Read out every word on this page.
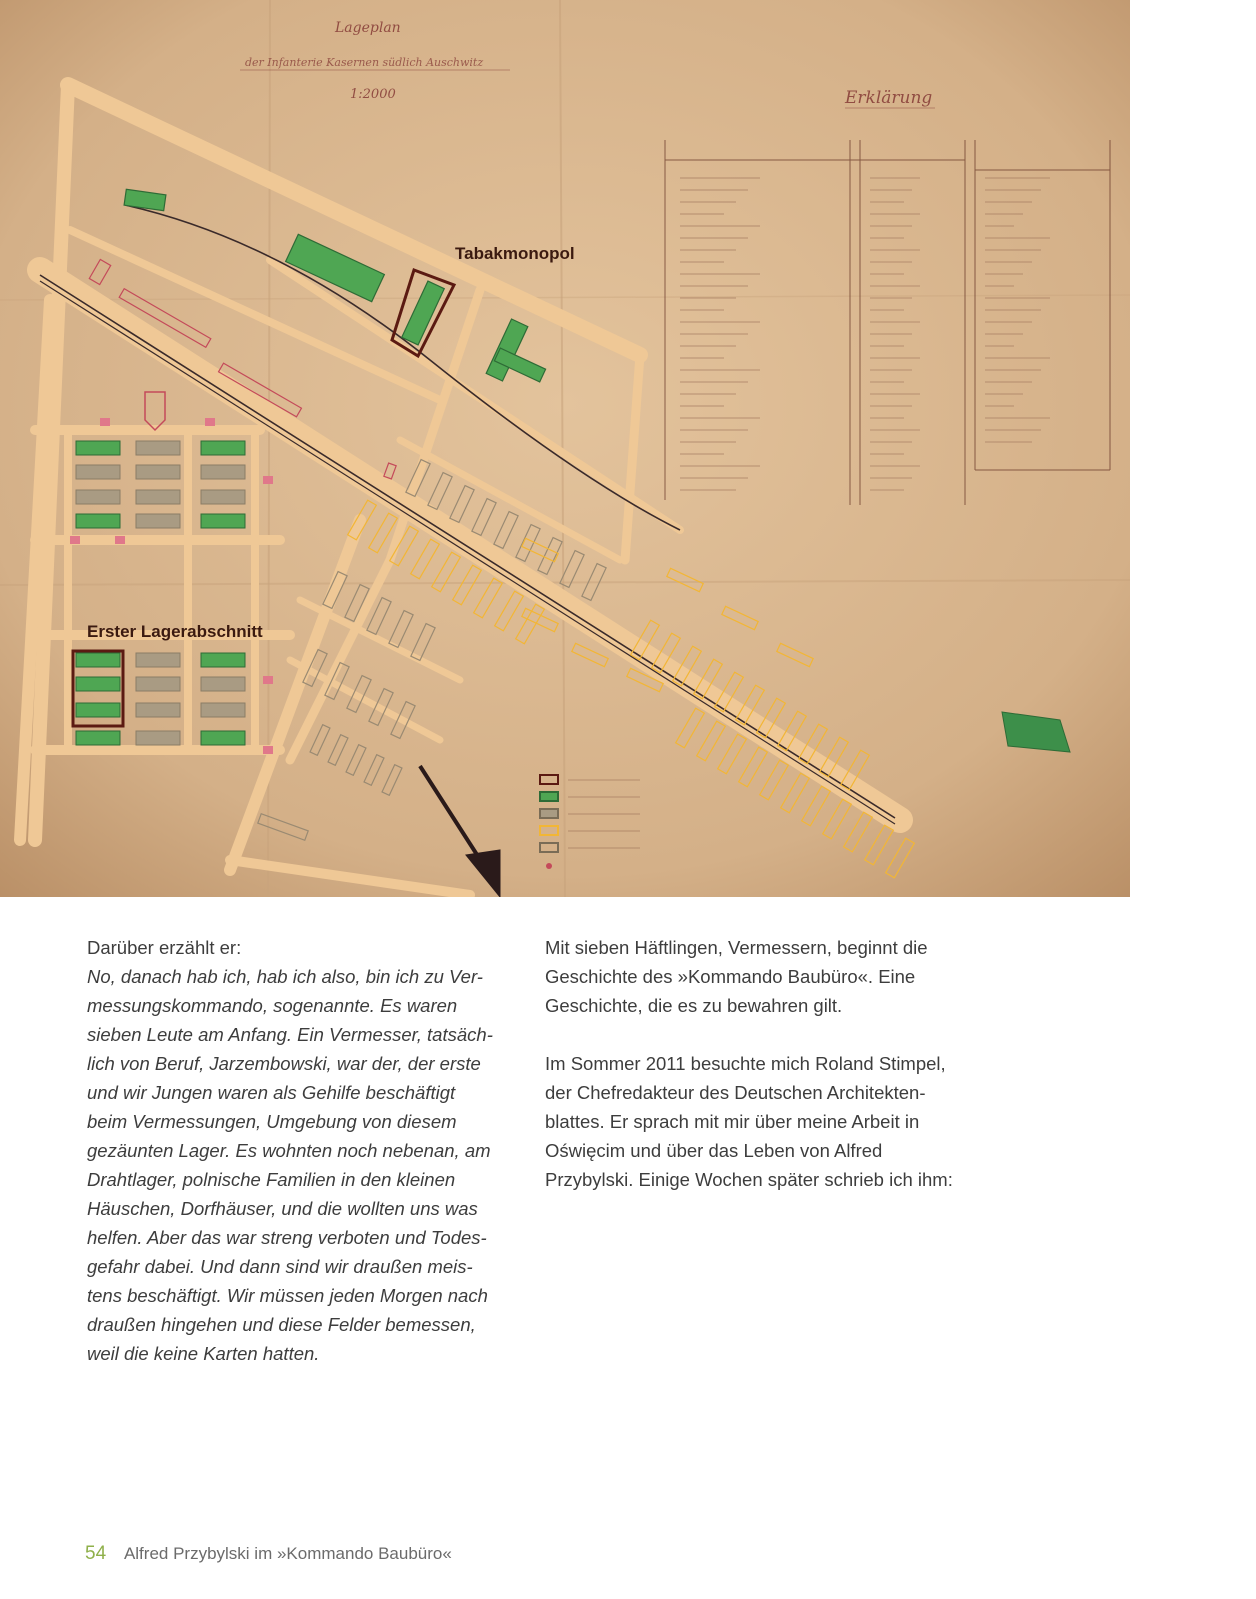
Lageplan
der Infanterie Kasernen südlich Auschwitz
1:2000	Erklärung
Tabakmonopol
Erster Lagerabschnitt

Darüber erzählt er:

No, danach hab ich, hab ich also, bin ich zu Ver-

messungskommando, sogenannte. Es waren

sieben Leute am Anfang. Ein Vermesser, tatsäch-

lich von Beruf, Jarzembowski, war der, der erste

und wir Jungen waren als Gehilfe beschäftigt

beim Vermessungen, Umgebung von diesem

gezäunten Lager. Es wohnten noch nebenan, am

Drahtlager, polnische Familien in den kleinen

Häuschen, Dorfhäuser, und die wollten uns was

helfen. Aber das war streng verboten und Todes-

gefahr dabei. Und dann sind wir draußen meis-

tens beschäftigt. Wir müssen jeden Morgen nach

draußen hingehen und diese Felder bemessen,

weil die keine Karten hatten.

Mit sieben Häftlingen, Vermessern, beginnt die

Geschichte des »Kommando Baubüro«. Eine

Geschichte, die es zu bewahren gilt.

Im Sommer 2011 besuchte mich Roland Stimpel,

der Chefredakteur des Deutschen Architekten-

blattes. Er sprach mit mir über meine Arbeit in

Oświęcim und über das Leben von Alfred

Przybylski. Einige Wochen später schrieb ich ihm:

54 Alfred Przybylski im »Kommando Baubüro«
